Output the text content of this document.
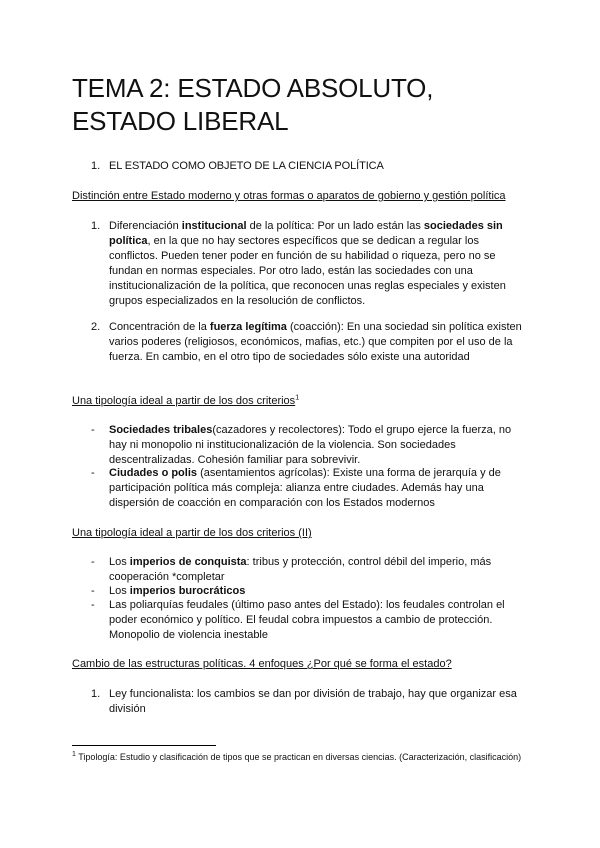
TEMA 2: ESTADO ABSOLUTO, ESTADO LIBERAL
1. EL ESTADO COMO OBJETO DE LA CIENCIA POLÍTICA
Distinción entre Estado moderno y otras formas o aparatos de gobierno y gestión política
1. Diferenciación institucional de la política: Por un lado están las sociedades sin política, en la que no hay sectores específicos que se dedican a regular los conflictos. Pueden tener poder en función de su habilidad o riqueza, pero no se fundan en normas especiales. Por otro lado, están las sociedades con una institucionalización de la política, que reconocen unas reglas especiales y existen grupos especializados en la resolución de conflictos.

2. Concentración de la fuerza legítima (coacción): En una sociedad sin política existen varios poderes (religiosos, económicos, mafias, etc.) que compiten por el uso de la fuerza. En cambio, en el otro tipo de sociedades sólo existe una autoridad

Una tipología ideal a partir de los dos criterios$^1$
- Sociedades tribales(cazadores y recolectores): Todo el grupo ejerce la fuerza, no hay ni monopolio ni institucionalización de la violencia. Son sociedades descentralizadas. Cohesión familiar para sobrevivir.

- Ciudades o polis (asentamientos agrícolas): Existe una forma de jerarquía y de participación política más compleja: alianza entre ciudades. Además hay una dispersión de coacción en comparación con los Estados modernos

Una tipología ideal a partir de los dos criterios (II)
- Los imperios de conquista: tribus y protección, control débil del imperio, más cooperación *completar

- Los imperios burocráticos

- Las poliarquías feudales (último paso antes del Estado): los feudales controlan el poder económico y político. El feudal cobra impuestos a cambio de protección. Monopolio de violencia inestable

Cambio de las estructuras políticas. 4 enfoques ¿Por qué se forma el estado?
1. Ley funcionalista: los cambios se dan por división de trabajo, hay que organizar esa división

$^1$ Tipología: Estudio y clasificación de tipos que se practican en diversas ciencias. (Caracterización, clasificación)
